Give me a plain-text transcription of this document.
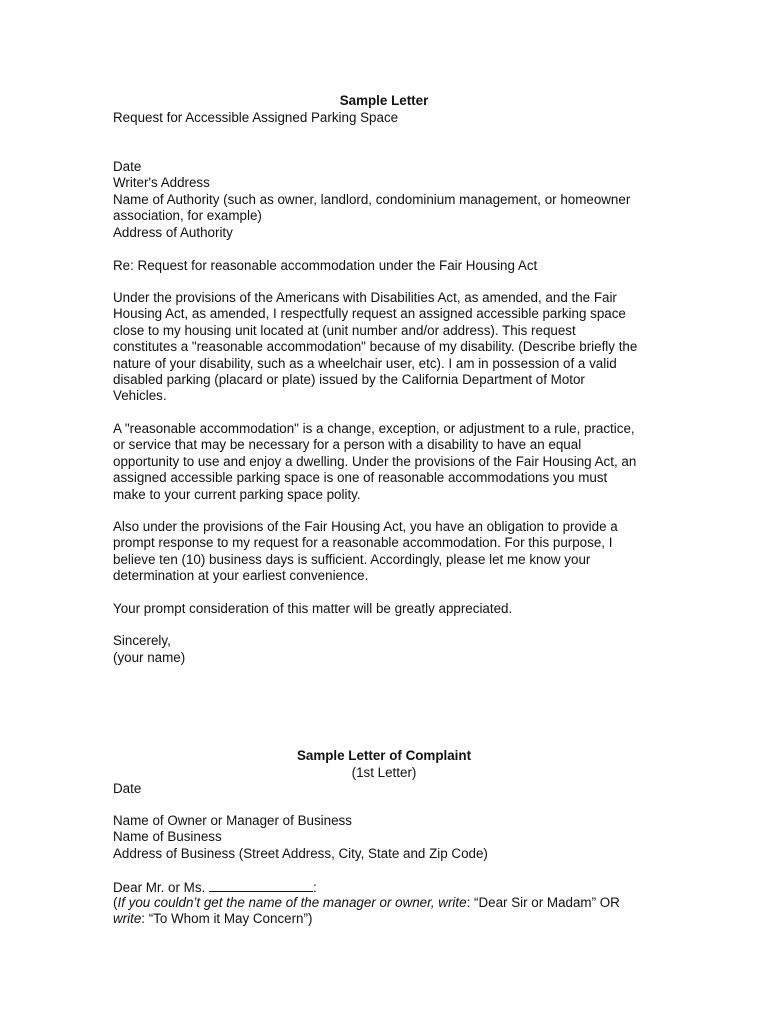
Sample Letter
Request for Accessible Assigned Parking Space
Date
Writer's Address
Name of Authority (such as owner, landlord, condominium management, or homeowner
association, for example)
Address of Authority
Re: Request for reasonable accommodation under the Fair Housing Act
Under the provisions of the Americans with Disabilities Act, as amended, and the Fair
Housing Act, as amended, I respectfully request an assigned accessible parking space
close to my housing unit located at (unit number and/or address). This request
constitutes a "reasonable accommodation" because of my disability. (Describe briefly the
nature of your disability, such as a wheelchair user, etc). I am in possession of a valid
disabled parking (placard or plate) issued by the California Department of Motor
Vehicles.
A "reasonable accommodation" is a change, exception, or adjustment to a rule, practice,
or service that may be necessary for a person with a disability to have an equal
opportunity to use and enjoy a dwelling. Under the provisions of the Fair Housing Act, an
assigned accessible parking space is one of reasonable accommodations you must
make to your current parking space polity.
Also under the provisions of the Fair Housing Act, you have an obligation to provide a
prompt response to my request for a reasonable accommodation. For this purpose, I
believe ten (10) business days is sufficient. Accordingly, please let me know your
determination at your earliest convenience.
Your prompt consideration of this matter will be greatly appreciated.
Sincerely,
(your name)
Sample Letter of Complaint
(1st Letter)
Date
Name of Owner or Manager of Business
Name of Business
Address of Business (Street Address, City, State and Zip Code)
Dear Mr. or Ms.	:
(If you couldn’t get the name of the manager or owner, write: “Dear Sir or Madam” OR
write: “To Whom it May Concern”)
